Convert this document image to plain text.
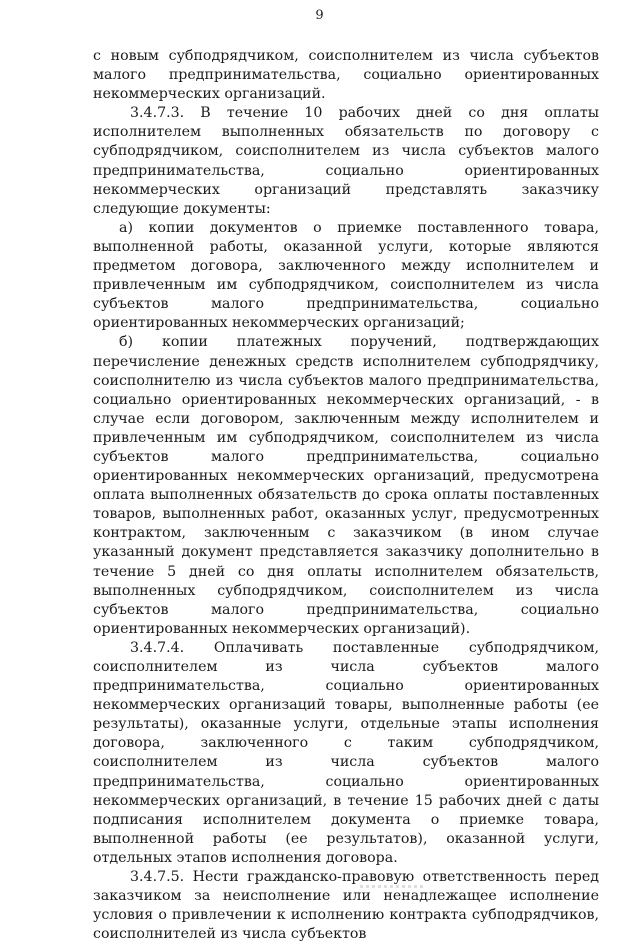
9

с новым субподрядчиком, соисполнителем из числа субъектов малого предпринимательства, социально ориентированных некоммерческих организаций.

3.4.7.3. В течение 10 рабочих дней со дня оплаты исполнителем выполненных обязательств по договору с субподрядчиком, соисполнителем из числа субъектов малого предпринимательства, социально ориентированных некоммерческих организаций представлять заказчику следующие документы:

а) копии документов о приемке поставленного товара, выполненной работы, оказанной услуги, которые являются предметом договора, заключенного между исполнителем и привлеченным им субподрядчиком, соисполнителем из числа субъектов малого предпринимательства, социально ориентированных некоммерческих организаций;

б) копии платежных поручений, подтверждающих перечисление денежных средств исполнителем субподрядчику, соисполнителю из числа субъектов малого предпринимательства, социально ориентированных некоммерческих организаций, - в случае если договором, заключенным между исполнителем и привлеченным им субподрядчиком, соисполнителем из числа субъектов малого предпринимательства, социально ориентированных некоммерческих организаций, предусмотрена оплата выполненных обязательств до срока оплаты поставленных товаров, выполненных работ, оказанных услуг, предусмотренных контрактом, заключенным с заказчиком (в ином случае указанный документ представляется заказчику дополнительно в течение 5 дней со дня оплаты исполнителем обязательств, выполненных субподрядчиком, соисполнителем из числа субъектов малого предпринимательства, социально ориентированных некоммерческих организаций).

3.4.7.4. Оплачивать поставленные субподрядчиком, соисполнителем из числа субъектов малого предпринимательства, социально ориентированных некоммерческих организаций товары, выполненные работы (ее результаты), оказанные услуги, отдельные этапы исполнения договора, заключенного с таким субподрядчиком, соисполнителем из числа субъектов малого предпринимательства, социально ориентированных некоммерческих организаций, в течение 15 рабочих дней с даты подписания исполнителем документа о приемке товара, выполненной работы (ее результатов), оказанной услуги, отдельных этапов исполнения договора.

3.4.7.5. Нести гражданско-правовую ответственность перед заказчиком за неисполнение или ненадлежащее исполнение условия о привлечении к исполнению контракта субподрядчиков, соисполнителей из числа субъектов
